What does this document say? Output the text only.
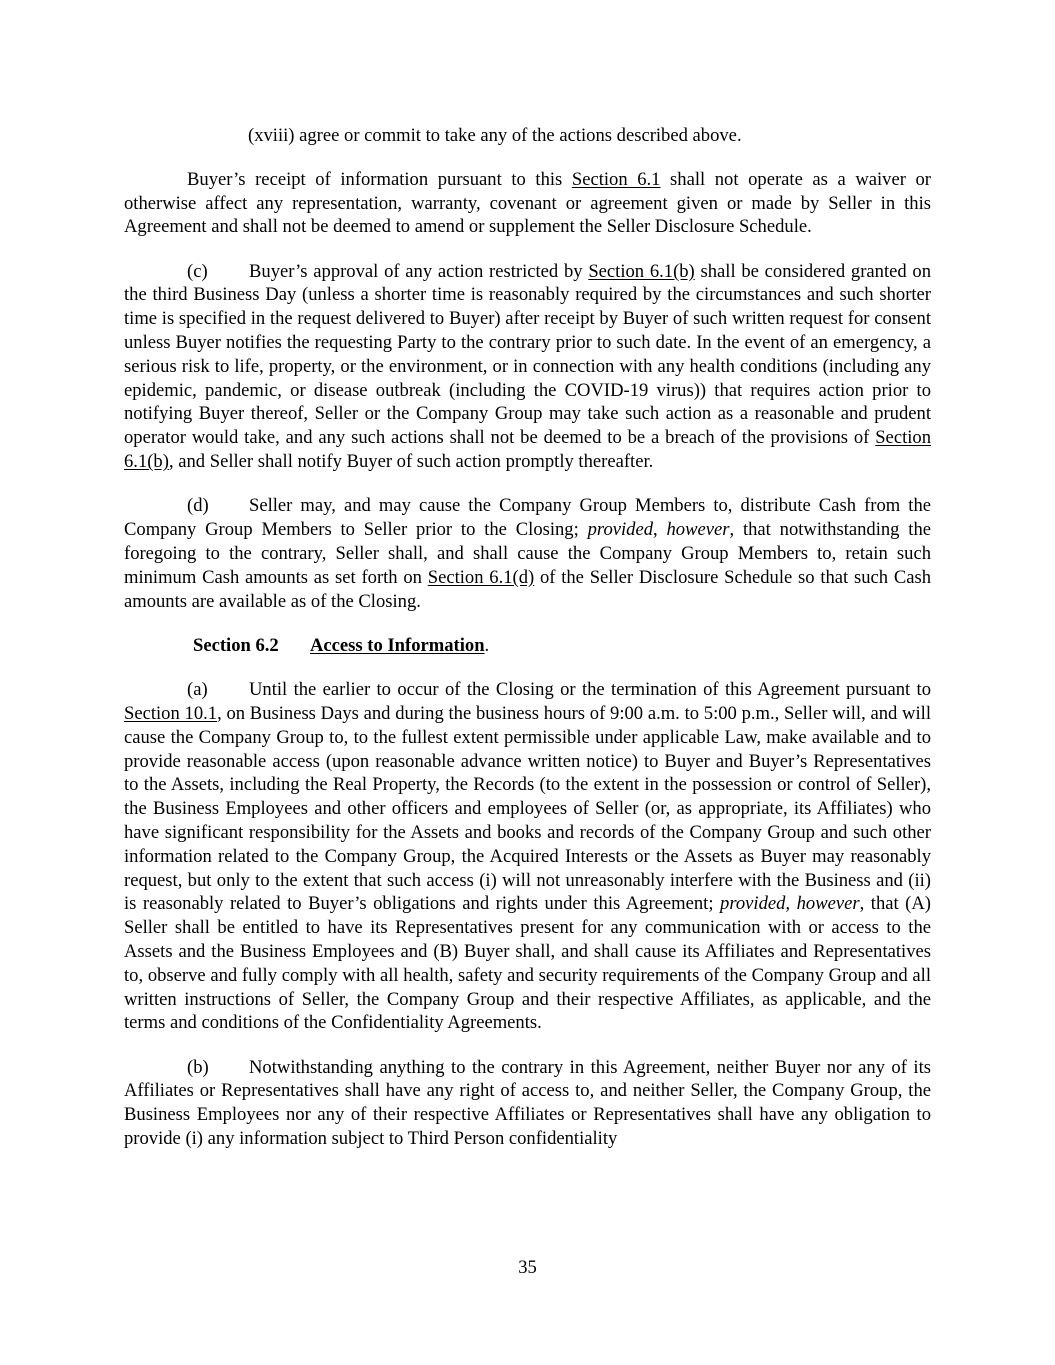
(xviii) agree or commit to take any of the actions described above.

Buyer’s receipt of information pursuant to this Section 6.1 shall not operate as a waiver or otherwise affect any representation, warranty, covenant or agreement given or made by Seller in this Agreement and shall not be deemed to amend or supplement the Seller Disclosure Schedule.

(c) Buyer’s approval of any action restricted by Section 6.1(b) shall be considered granted on the third Business Day (unless a shorter time is reasonably required by the circumstances and such shorter time is specified in the request delivered to Buyer) after receipt by Buyer of such written request for consent unless Buyer notifies the requesting Party to the contrary prior to such date. In the event of an emergency, a serious risk to life, property, or the environment, or in connection with any health conditions (including any epidemic, pandemic, or disease outbreak (including the COVID-19 virus)) that requires action prior to notifying Buyer thereof, Seller or the Company Group may take such action as a reasonable and prudent operator would take, and any such actions shall not be deemed to be a breach of the provisions of Section 6.1(b), and Seller shall notify Buyer of such action promptly thereafter.

(d) Seller may, and may cause the Company Group Members to, distribute Cash from the Company Group Members to Seller prior to the Closing; provided, however, that notwithstanding the foregoing to the contrary, Seller shall, and shall cause the Company Group Members to, retain such minimum Cash amounts as set forth on Section 6.1(d) of the Seller Disclosure Schedule so that such Cash amounts are available as of the Closing.

Section 6.2 Access to Information.

(a) Until the earlier to occur of the Closing or the termination of this Agreement pursuant to Section 10.1, on Business Days and during the business hours of 9:00 a.m. to 5:00 p.m., Seller will, and will cause the Company Group to, to the fullest extent permissible under applicable Law, make available and to provide reasonable access (upon reasonable advance written notice) to Buyer and Buyer’s Representatives to the Assets, including the Real Property, the Records (to the extent in the possession or control of Seller), the Business Employees and other officers and employees of Seller (or, as appropriate, its Affiliates) who have significant responsibility for the Assets and books and records of the Company Group and such other information related to the Company Group, the Acquired Interests or the Assets as Buyer may reasonably request, but only to the extent that such access (i) will not unreasonably interfere with the Business and (ii) is reasonably related to Buyer’s obligations and rights under this Agreement; provided, however, that (A) Seller shall be entitled to have its Representatives present for any communication with or access to the Assets and the Business Employees and (B) Buyer shall, and shall cause its Affiliates and Representatives to, observe and fully comply with all health, safety and security requirements of the Company Group and all written instructions of Seller, the Company Group and their respective Affiliates, as applicable, and the terms and conditions of the Confidentiality Agreements.

(b) Notwithstanding anything to the contrary in this Agreement, neither Buyer nor any of its Affiliates or Representatives shall have any right of access to, and neither Seller, the Company Group, the Business Employees nor any of their respective Affiliates or Representatives shall have any obligation to provide (i) any information subject to Third Person confidentiality

35
